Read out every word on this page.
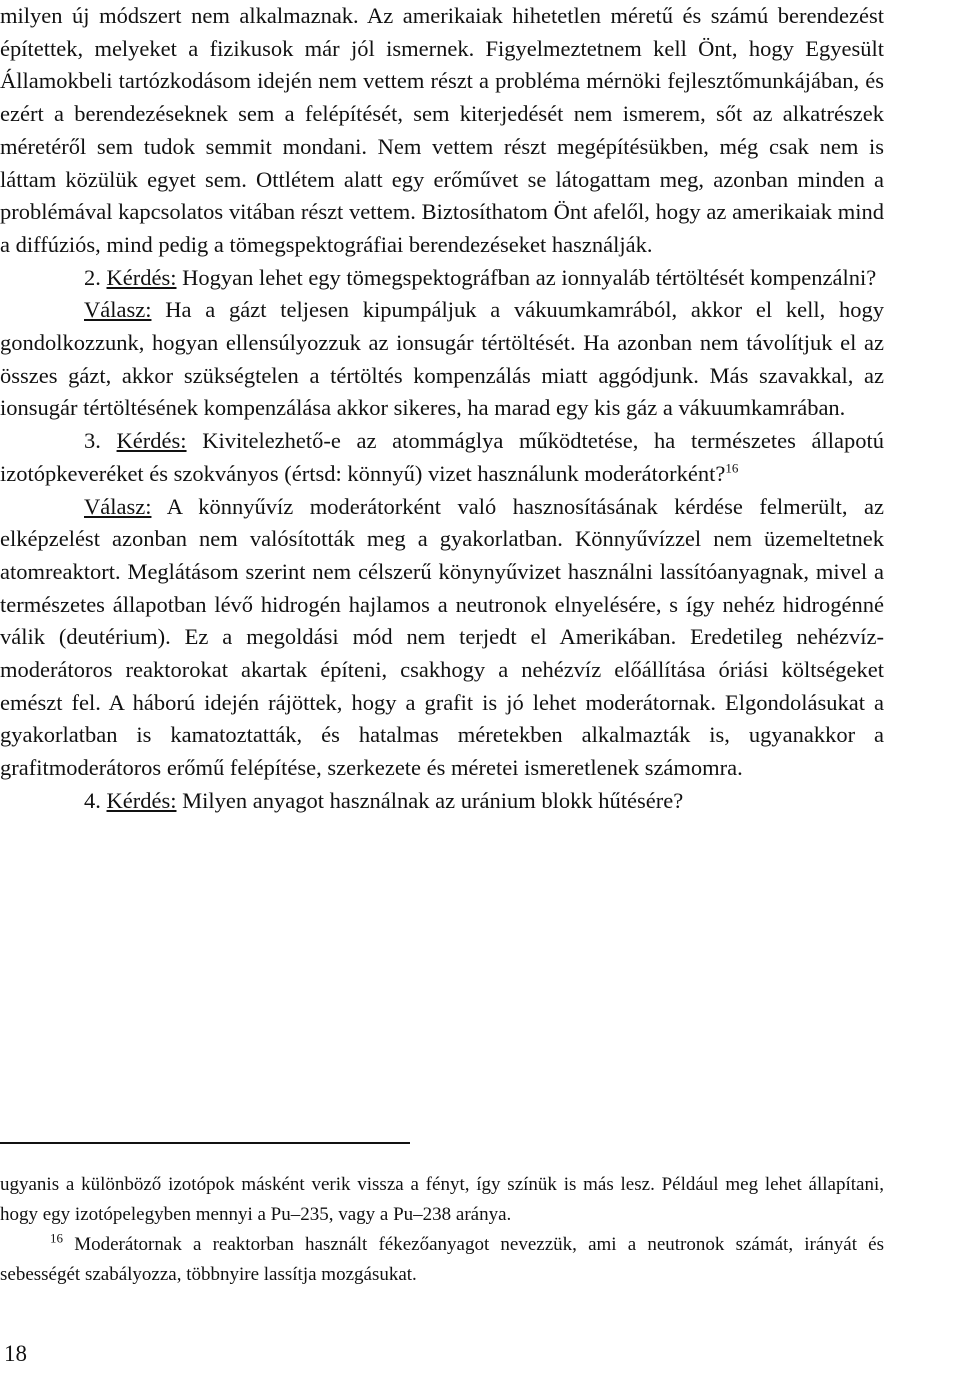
milyen új módszert nem alkalmaznak. Az amerikaiak hihetetlen méretű és számú berendezést építettek, melyeket a fizikusok már jól ismernek. Figyelmeztetnem kell Önt, hogy Egyesült Államokbeli tartózkodásom idején nem vettem részt a probléma mérnöki fejlesztőmunkájában, és ezért a berendezéseknek sem a felépítését, sem kiterjedését nem ismerem, sőt az alkatrészek méretéről sem tudok semmit mondani. Nem vettem részt megépítésükben, még csak nem is láttam közülük egyet sem. Ottlétem alatt egy erőművet se látogattam meg, azonban minden a problémával kapcsolatos vitában részt vettem. Biztosíthatom Önt afelől, hogy az amerikaiak mind a diffúziós, mind pedig a tömegspektográfiai berendezéseket használják.

2. Kérdés: Hogyan lehet egy tömegspektográfban az ionnyaláb tértöltését kompenzálni?

Válasz: Ha a gázt teljesen kipumpáljuk a vákuumkamrából, akkor el kell, hogy gondolkozzunk, hogyan ellensúlyozzuk az ionsugár tértöltését. Ha azonban nem távolítjuk el az összes gázt, akkor szükségtelen a tértöltés kompenzálás miatt aggódjunk. Más szavakkal, az ionsugár tértöltésének kompenzálása akkor sikeres, ha marad egy kis gáz a vákuumkamrában.

3. Kérdés: Kivitelezhető-e az atommáglya működtetése, ha természetes állapotú izotópkeveréket és szokványos (értsd: könnyű) vizet használunk moderátorként?$^{16}$

Válasz: A könnyűvíz moderátorként való hasznosításának kérdése felmerült, az elképzelést azonban nem valósították meg a gyakorlatban. Könnyűvízzel nem üzemeltetnek atomreaktort. Meglátásom szerint nem célszerű könynyűvizet használni lassítóanyagnak, mivel a természetes állapotban lévő hidrogén hajlamos a neutronok elnyelésére, s így nehéz hidrogénné válik (deutérium). Ez a megoldási mód nem terjedt el Amerikában. Eredetileg nehézvíz-moderátoros reaktorokat akartak építeni, csakhogy a nehézvíz előállítása óriási költségeket emészt fel. A háború idején rájöttek, hogy a grafit is jó lehet moderátornak. Elgondolásukat a gyakorlatban is kamatoztatták, és hatalmas méretekben alkalmazták is, ugyanakkor a grafitmoderátoros erőmű felépítése, szerkezete és méretei ismeretlenek számomra.

4. Kérdés: Milyen anyagot használnak az uránium blokk hűtésére?

ugyanis a különböző izotópok másként verik vissza a fényt, így színük is más lesz. Például meg lehet állapítani, hogy egy izotópelegyben mennyi a Pu–235, vagy a Pu–238 aránya.

$^{16}$ Moderátornak a reaktorban használt fékezőanyagot nevezzük, ami a neutronok számát, irányát és sebességét szabályozza, többnyire lassítja mozgásukat.

18
